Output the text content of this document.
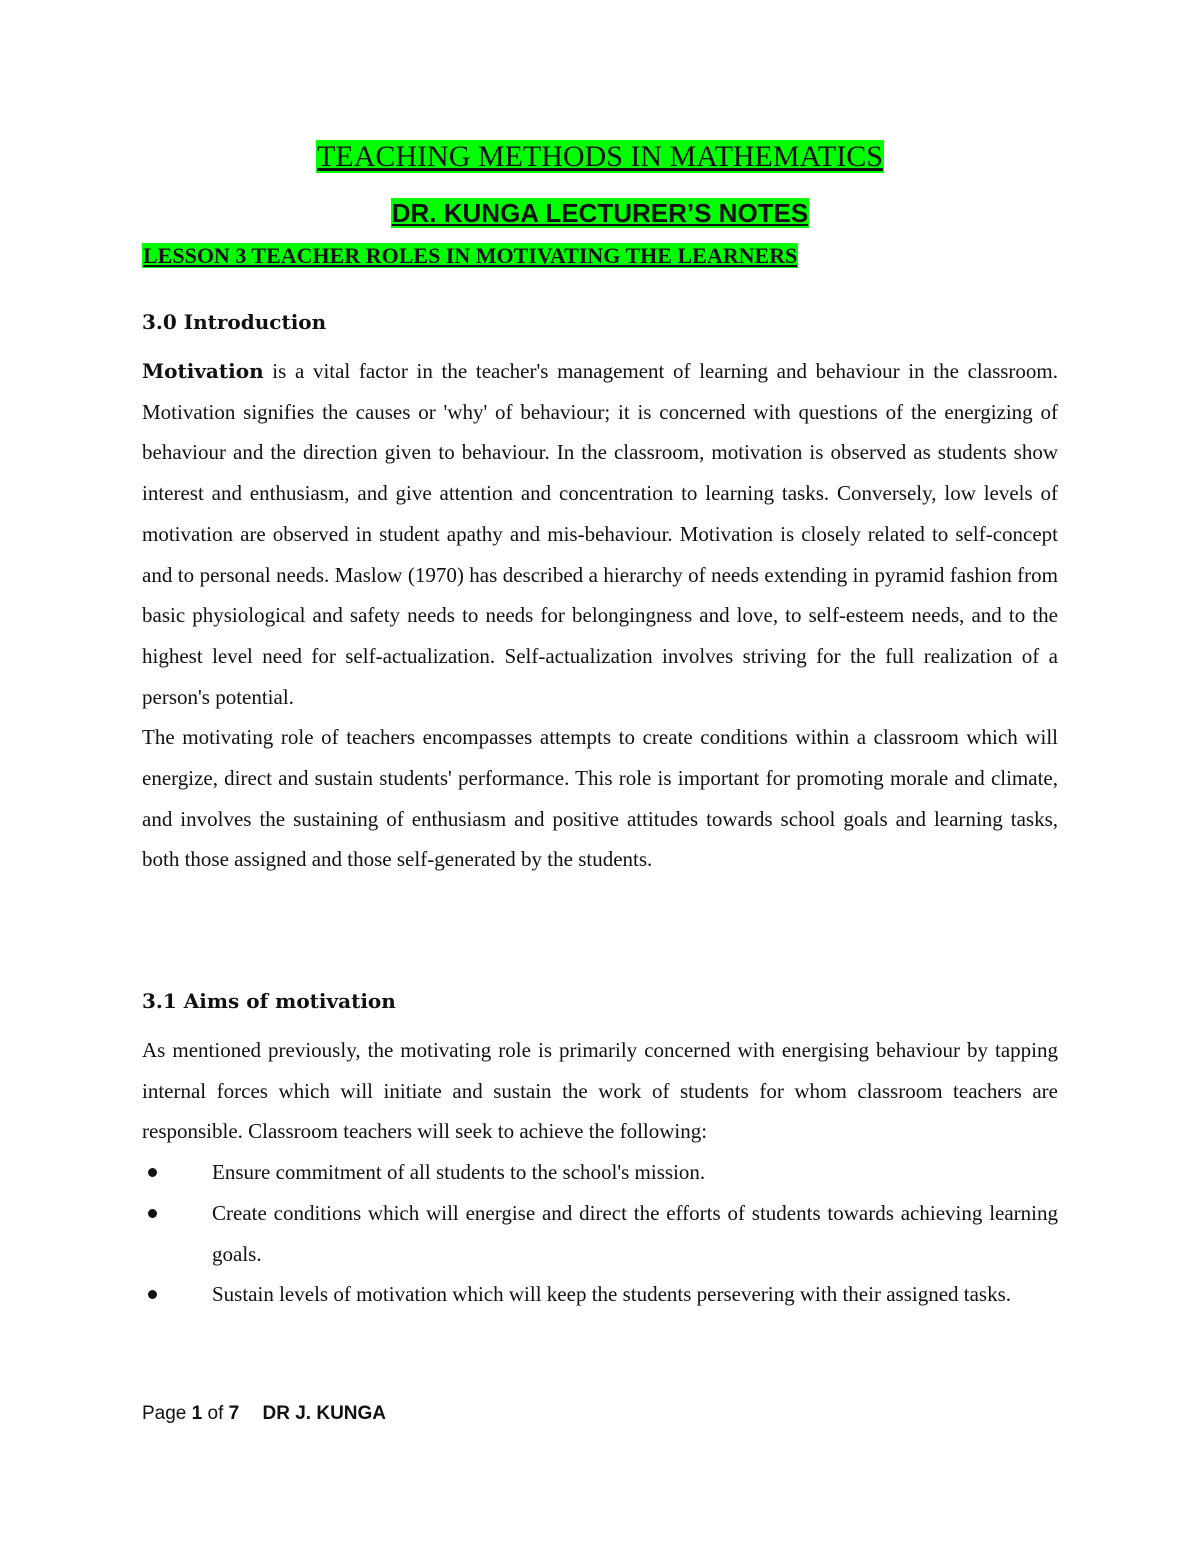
TEACHING METHODS IN MATHEMATICS
DR. KUNGA LECTURER’S NOTES
LESSON 3 TEACHER ROLES IN MOTIVATING THE LEARNERS
3.0 Introduction

Motivation is a vital factor in the teacher's management of learning and behaviour in the classroom. Motivation signifies the causes or 'why' of behaviour; it is concerned with questions of the energizing of behaviour and the direction given to behaviour. In the classroom, motivation is observed as students show interest and enthusiasm, and give attention and concentration to learning tasks. Conversely, low levels of motivation are observed in student apathy and mis-behaviour. Motivation is closely related to self-concept and to personal needs. Maslow (1970) has described a hierarchy of needs extending in pyramid fashion from basic physiological and safety needs to needs for belongingness and love, to self-esteem needs, and to the highest level need for self-actualization. Self-actualization involves striving for the full realization of a person's potential.

The motivating role of teachers encompasses attempts to create conditions within a classroom which will energize, direct and sustain students' performance. This role is important for promoting morale and climate, and involves the sustaining of enthusiasm and positive attitudes towards school goals and learning tasks, both those assigned and those self-generated by the students.

3.1 Aims of motivation

As mentioned previously, the motivating role is primarily concerned with energising behaviour by tapping internal forces which will initiate and sustain the work of students for whom classroom teachers are responsible. Classroom teachers will seek to achieve the following:

Ensure commitment of all students to the school's mission.
Create conditions which will energise and direct the efforts of students towards achieving learning goals.
Sustain levels of motivation which will keep the students persevering with their assigned tasks.
Page 1 of 7 DR J. KUNGA
